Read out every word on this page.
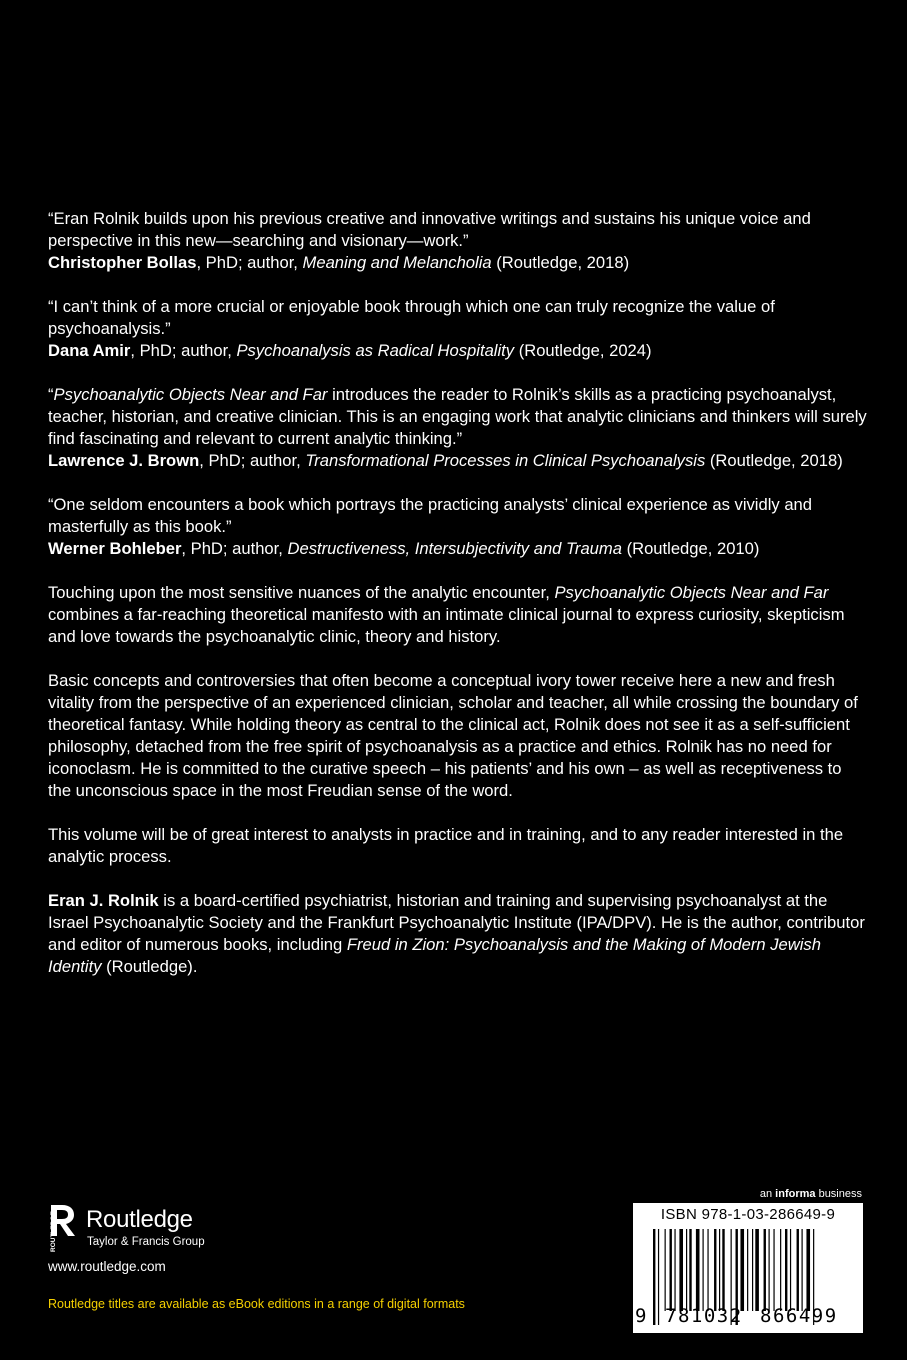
“Eran Rolnik builds upon his previous creative and innovative writings and sustains his unique voice and perspective in this new—searching and visionary—work.”
Christopher Bollas, PhD; author, Meaning and Melancholia (Routledge, 2018)
“I can’t think of a more crucial or enjoyable book through which one can truly recognize the value of psychoanalysis.”
Dana Amir, PhD; author, Psychoanalysis as Radical Hospitality (Routledge, 2024)
“Psychoanalytic Objects Near and Far introduces the reader to Rolnik’s skills as a practicing psychoanalyst, teacher, historian, and creative clinician. This is an engaging work that analytic clinicians and thinkers will surely find fascinating and relevant to current analytic thinking.”
Lawrence J. Brown, PhD; author, Transformational Processes in Clinical Psychoanalysis (Routledge, 2018)
“One seldom encounters a book which portrays the practicing analysts’ clinical experience as vividly and masterfully as this book.”
Werner Bohleber, PhD; author, Destructiveness, Intersubjectivity and Trauma (Routledge, 2010)

Touching upon the most sensitive nuances of the analytic encounter, Psychoanalytic Objects Near and Far combines a far-reaching theoretical manifesto with an intimate clinical journal to express curiosity, skepticism and love towards the psychoanalytic clinic, theory and history.

Basic concepts and controversies that often become a conceptual ivory tower receive here a new and fresh vitality from the perspective of an experienced clinician, scholar and teacher, all while crossing the boundary of theoretical fantasy. While holding theory as central to the clinical act, Rolnik does not see it as a self-sufficient philosophy, detached from the free spirit of psychoanalysis as a practice and ethics. Rolnik has no need for iconoclasm. He is committed to the curative speech – his patients’ and his own – as well as receptiveness to the unconscious space in the most Freudian sense of the word.

This volume will be of great interest to analysts in practice and in training, and to any reader interested in the analytic process.

Eran J. Rolnik is a board-certified psychiatrist, historian and training and supervising psychoanalyst at the Israel Psychoanalytic Society and the Frankfurt Psychoanalytic Institute (IPA/DPV). He is the author, contributor and editor of numerous books, including Freud in Zion: Psychoanalysis and the Making of Modern Jewish Identity (Routledge).

ROUTLEDGE Routledge
Taylor & Francis Group
www.routledge.com
Routledge titles are available as eBook editions in a range of digital formats
an informa business
ISBN 978-1-03-286649-9
9 781032 866499
